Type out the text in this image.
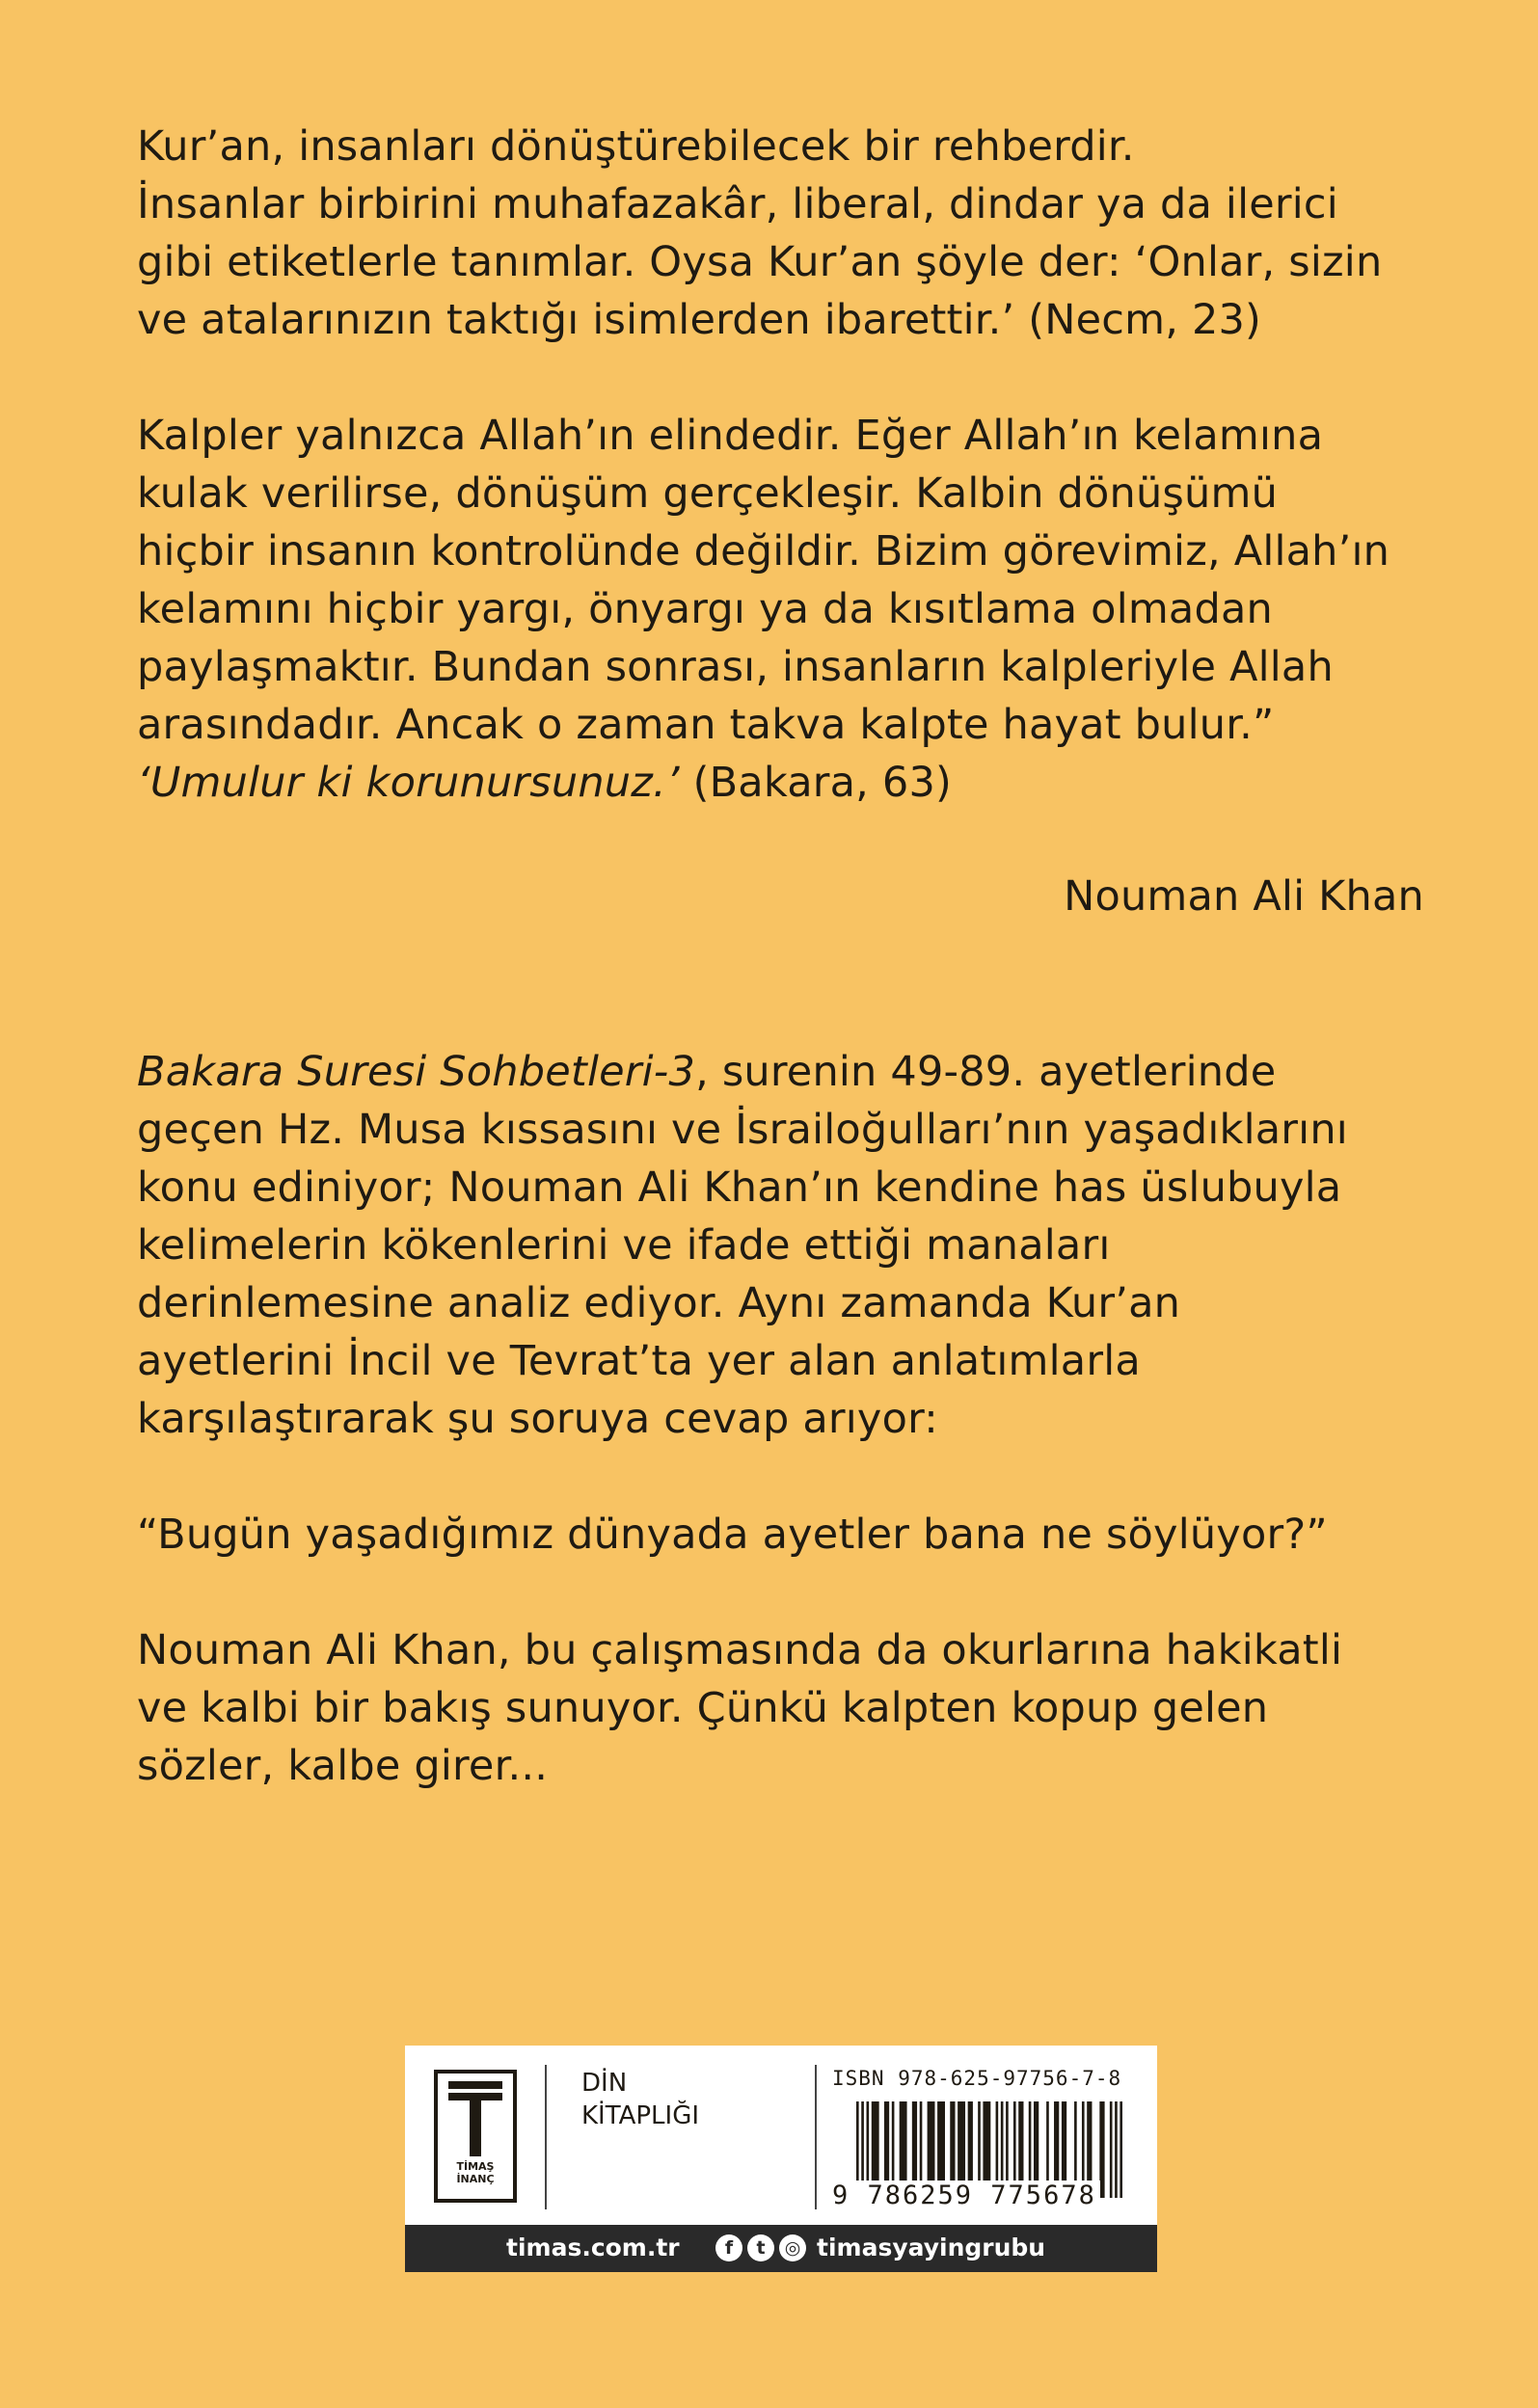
Kur’an, insanları dönüştürebilecek bir rehberdir.
İnsanlar birbirini muhafazakâr, liberal, dindar ya da ilerici
gibi etiketlerle tanımlar. Oysa Kur’an şöyle der: ‘Onlar, sizin
ve atalarınızın taktığı isimlerden ibarettir.’ (Necm, 23)
Kalpler yalnızca Allah’ın elindedir. Eğer Allah’ın kelamına
kulak verilirse, dönüşüm gerçekleşir. Kalbin dönüşümü
hiçbir insanın kontrolünde değildir. Bizim görevimiz, Allah’ın
kelamını hiçbir yargı, önyargı ya da kısıtlama olmadan
paylaşmaktır. Bundan sonrası, insanların kalpleriyle Allah
arasındadır. Ancak o zaman takva kalpte hayat bulur.”
‘Umulur ki korunursunuz.’ (Bakara, 63)
Nouman Ali Khan
Bakara Suresi Sohbetleri-3, surenin 49-89. ayetlerinde
geçen Hz. Musa kıssasını ve İsrailoğulları’nın yaşadıklarını
konu ediniyor; Nouman Ali Khan’ın kendine has üslubuyla
kelimelerin kökenlerini ve ifade ettiği manaları
derinlemesine analiz ediyor. Aynı zamanda Kur’an
ayetlerini İncil ve Tevrat’ta yer alan anlatımlarla
karşılaştırarak şu soruya cevap arıyor:
“Bugün yaşadığımız dünyada ayetler bana ne söylüyor?”
Nouman Ali Khan, bu çalışmasında da okurlarına hakikatli
ve kalbi bir bakış sunuyor. Çünkü kalpten kopup gelen
sözler, kalbe girer...
TİMAŞ
İNANÇ
DİN
KİTAPLIĞI
ISBN 978-625-97756-7-8
9 786259 775678
timas.com.tr	f	t	◎ timasyayingrubu
